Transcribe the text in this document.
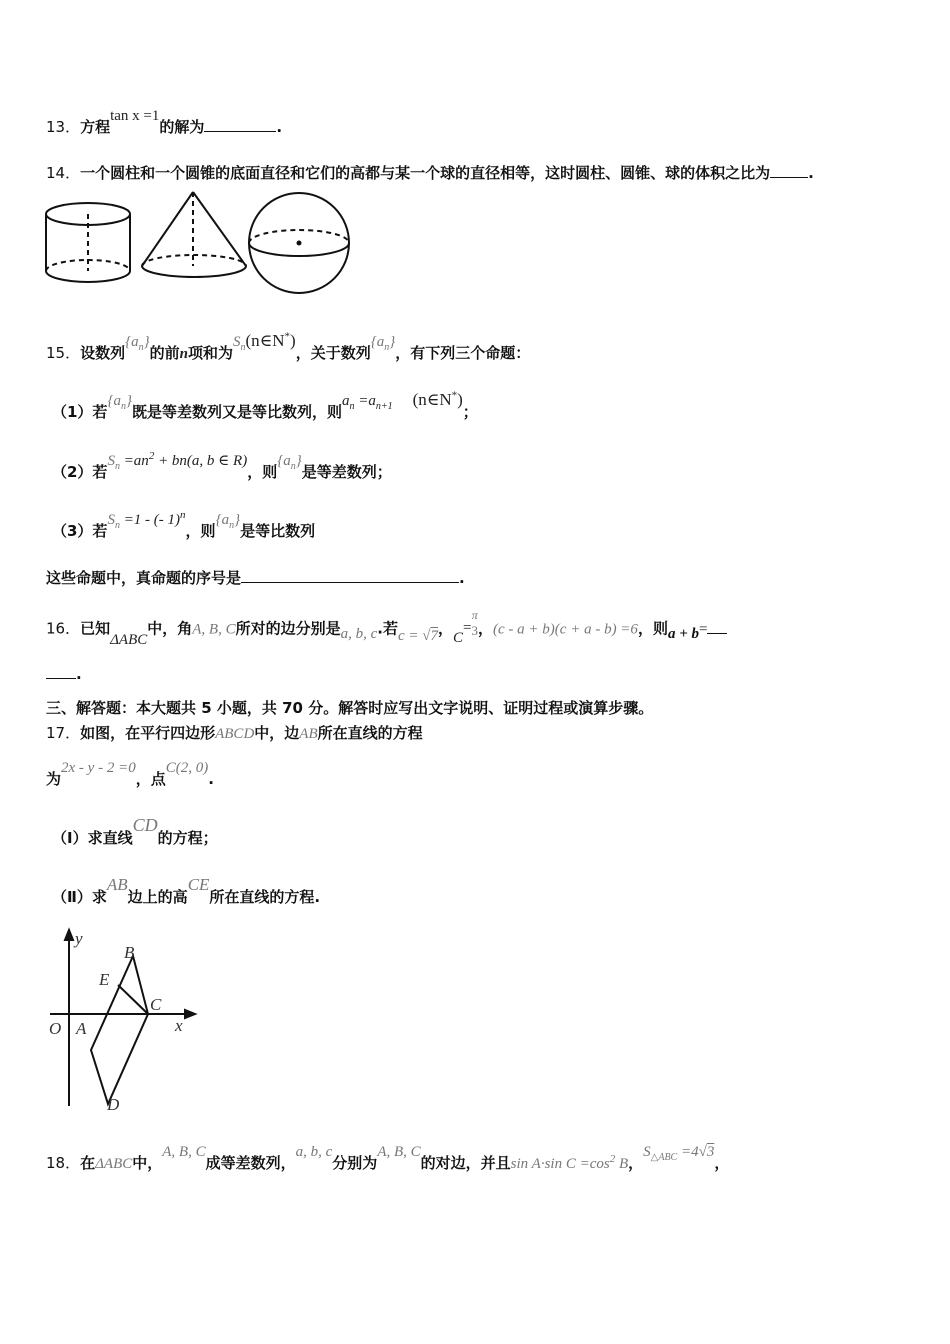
13．方程tan x =1的解为	.
14．一个圆柱和一个圆锥的底面直径和它们的高都与某一个球的直径相等，这时圆柱、圆锥、球的体积之比为	.
15．设数列$\{a_n\}$的前n项和为$S_n(n\in N^*)$，关于数列$\{a_n\}$，有下列三个命题：
（1）若$\{a_n\}$既是等差数列又是等比数列，则$a_n =a_{n+1}$ (n∈N*)；
（2）若$S_n =an^2 + bn(a$, b ∈ R)，则$\{a_n\}$是等差数列；
（3）若$S_n =1$ - (- 1)$^n$，则$\{a_n\}$是等比数列
这些命题中，真命题的序号是	.
16．已知ΔABC中，角A, B, C所对的边分别是a, b, c.若c = √7，C=
π
3 ，(c - a + b)(c + a - b) =6，则a + b=
.
三、解答题：本大题共 5 小题，共 70 分。解答时应写出文字说明、证明过程或演算步骤。
17．如图，在平行四边形ABCD中，边AB所在直线的方程
为2x - y - 2 =0，点C(2, 0).
（Ⅰ）求直线CD的方程；
（Ⅱ）求AB边上的高CE所在直线的方程.
y
x
O A
B
C
D
E
18．在ΔABC中，A, B, C成等差数列，a, b, c分别为A, B, C的对边，并且sin A·sin $C =\cos^2$ B，$S_{\triangle ABC} =4√3$，
